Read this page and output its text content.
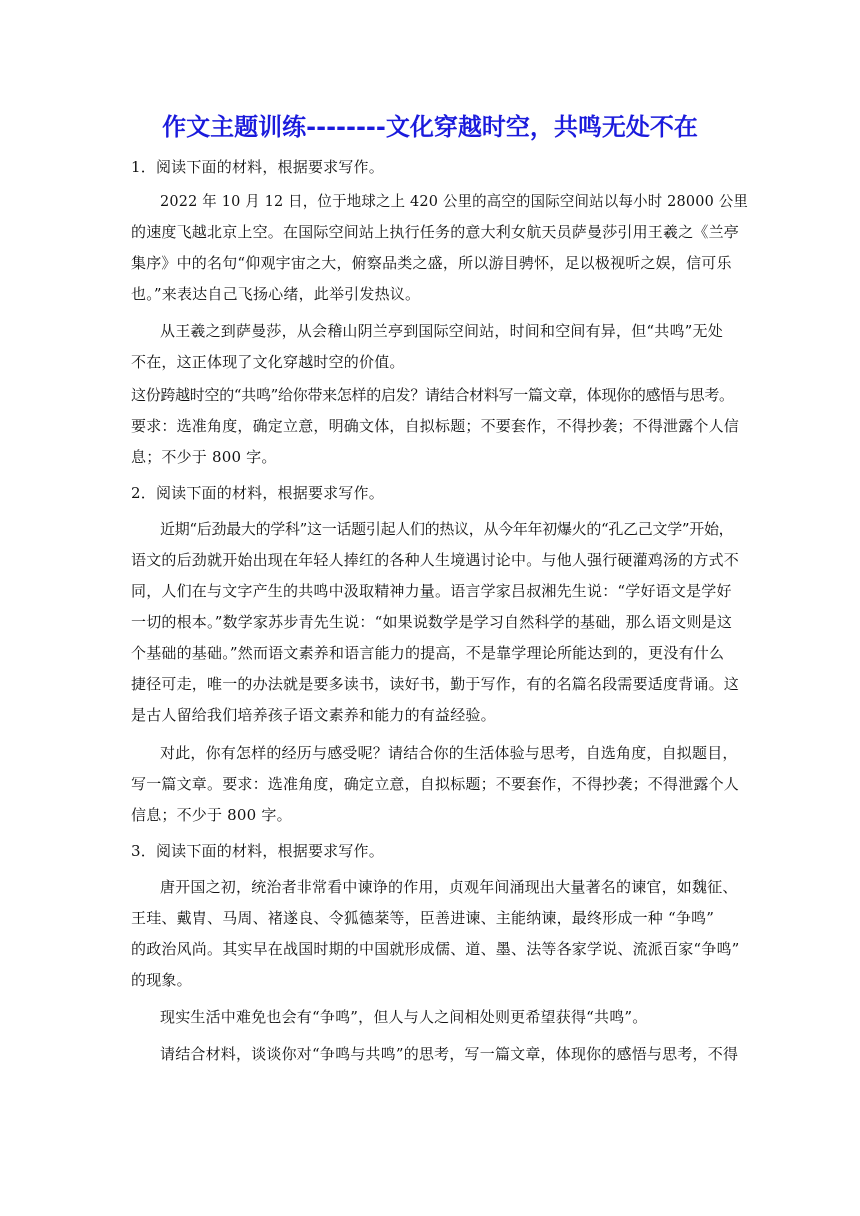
作文主题训练--------文化穿越时空，共鸣无处不在
1．阅读下面的材料，根据要求写作。
2022 年 10 月 12 日，位于地球之上 420 公里的高空的国际空间站以每小时 28000 公里
的速度飞越北京上空。在国际空间站上执行任务的意大利女航天员萨曼莎引用王羲之《兰亭
集序》中的名句“仰观宇宙之大，俯察品类之盛，所以游目骋怀，足以极视听之娱，信可乐
也。”来表达自己飞扬心绪，此举引发热议。
从王羲之到萨曼莎，从会稽山阴兰亭到国际空间站，时间和空间有异，但“共鸣”无处
不在，这正体现了文化穿越时空的价值。
这份跨越时空的“共鸣”给你带来怎样的启发？请结合材料写一篇文章，体现你的感悟与思考。
要求：选准角度，确定立意，明确文体，自拟标题；不要套作，不得抄袭；不得泄露个人信
息；不少于 800 字。
2．阅读下面的材料，根据要求写作。
近期“后劲最大的学科”这一话题引起人们的热议，从今年年初爆火的“孔乙己文学”开始，
语文的后劲就开始出现在年轻人捧红的各种人生境遇讨论中。与他人强行硬灌鸡汤的方式不
同，人们在与文字产生的共鸣中汲取精神力量。语言学家吕叔湘先生说：“学好语文是学好
一切的根本。”数学家苏步青先生说：“如果说数学是学习自然科学的基础，那么语文则是这
个基础的基础。”然而语文素养和语言能力的提高，不是靠学理论所能达到的，更没有什么
捷径可走，唯一的办法就是要多读书，读好书，勤于写作，有的名篇名段需要适度背诵。这
是古人留给我们培养孩子语文素养和能力的有益经验。
对此，你有怎样的经历与感受呢？请结合你的生活体验与思考，自选角度，自拟题目，
写一篇文章。要求：选准角度，确定立意，自拟标题；不要套作，不得抄袭；不得泄露个人
信息；不少于 800 字。
3．阅读下面的材料，根据要求写作。
唐开国之初，统治者非常看中谏诤的作用，贞观年间涌现出大量著名的谏官，如魏征、
王珪、戴胄、马周、褚遂良、令狐德棻等，臣善进谏、主能纳谏，最终形成一种 “争鸣”
的政治风尚。其实早在战国时期的中国就形成儒、道、墨、法等各家学说、流派百家“争鸣”
的现象。
现实生活中难免也会有“争鸣”，但人与人之间相处则更希望获得“共鸣”。
请结合材料，谈谈你对“争鸣与共鸣”的思考，写一篇文章，体现你的感悟与思考，不得
